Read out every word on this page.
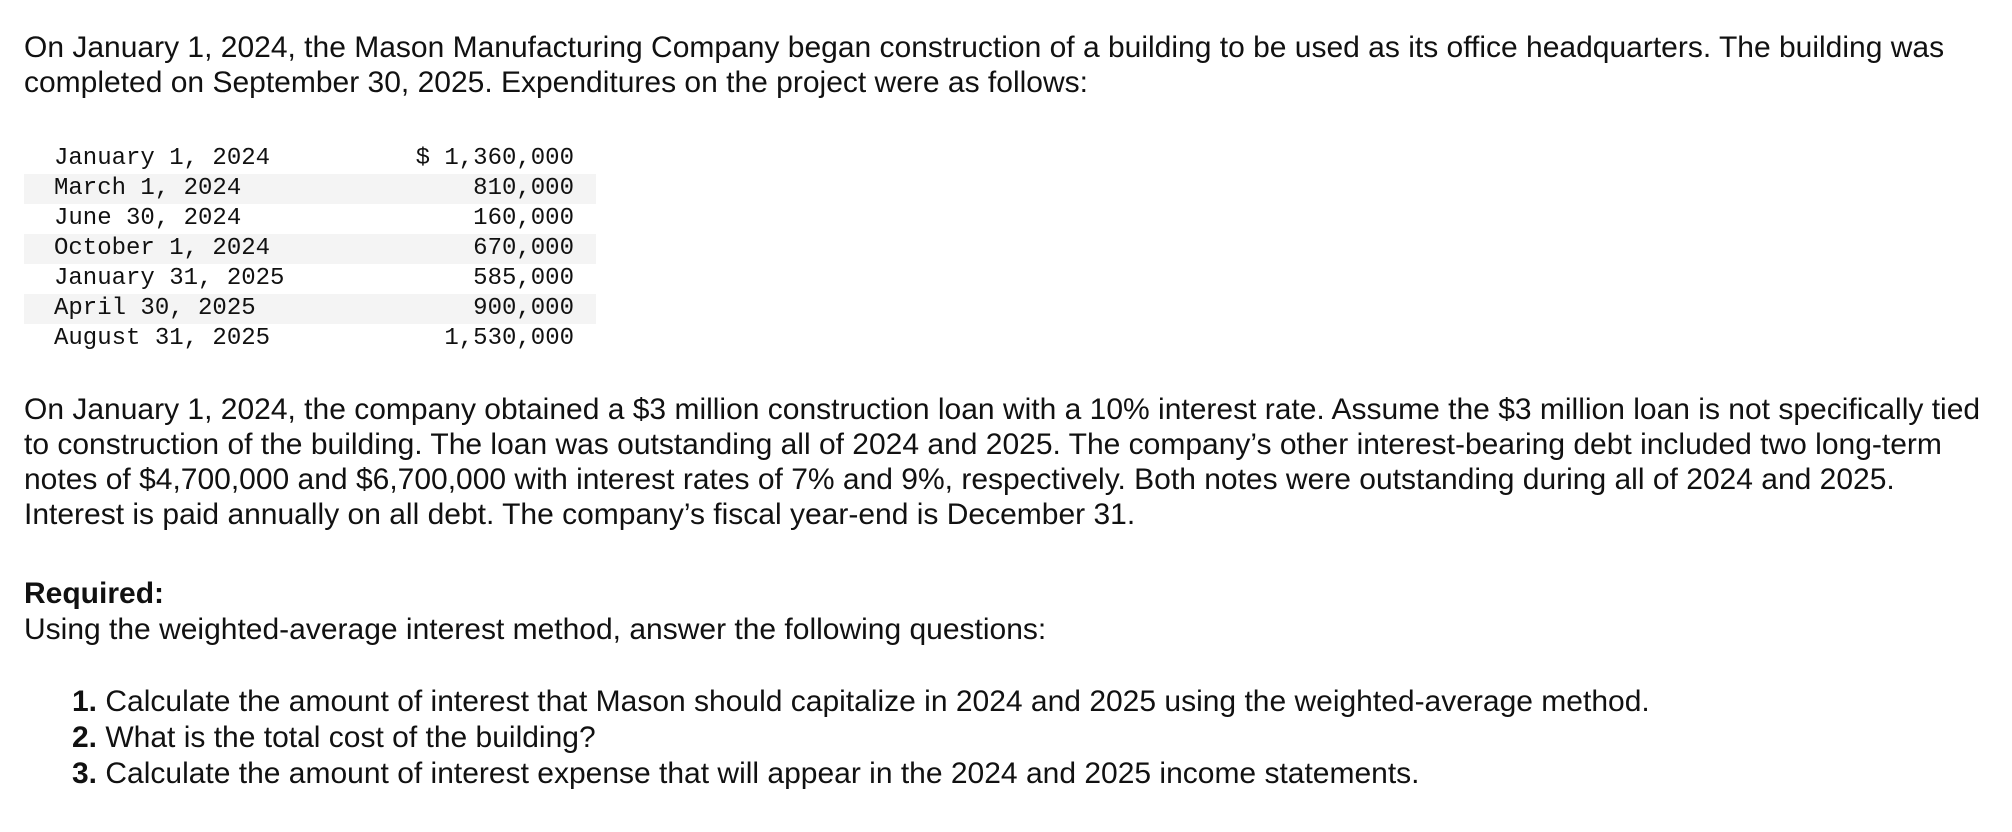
On January 1, 2024, the Mason Manufacturing Company began construction of a building to be used as its office headquarters. The building was completed on September 30, 2025. Expenditures on the project were as follows:

January 1, 2024	$ 1,360,000
March 1, 2024	810,000
June 30, 2024	160,000
October 1, 2024	670,000
January 31, 2025	585,000
April 30, 2025	900,000
August 31, 2025	1,530,000

On January 1, 2024, the company obtained a $3 million construction loan with a 10% interest rate. Assume the $3 million loan is not specifically tied to construction of the building. The loan was outstanding all of 2024 and 2025. The company’s other interest-bearing debt included two long-term notes of $4,700,000 and $6,700,000 with interest rates of 7% and 9%, respectively. Both notes were outstanding during all of 2024 and 2025. Interest is paid annually on all debt. The company’s fiscal year-end is December 31.

Required:
Using the weighted-average interest method, answer the following questions:
1. Calculate the amount of interest that Mason should capitalize in 2024 and 2025 using the weighted-average method.
2. What is the total cost of the building?
3. Calculate the amount of interest expense that will appear in the 2024 and 2025 income statements.
